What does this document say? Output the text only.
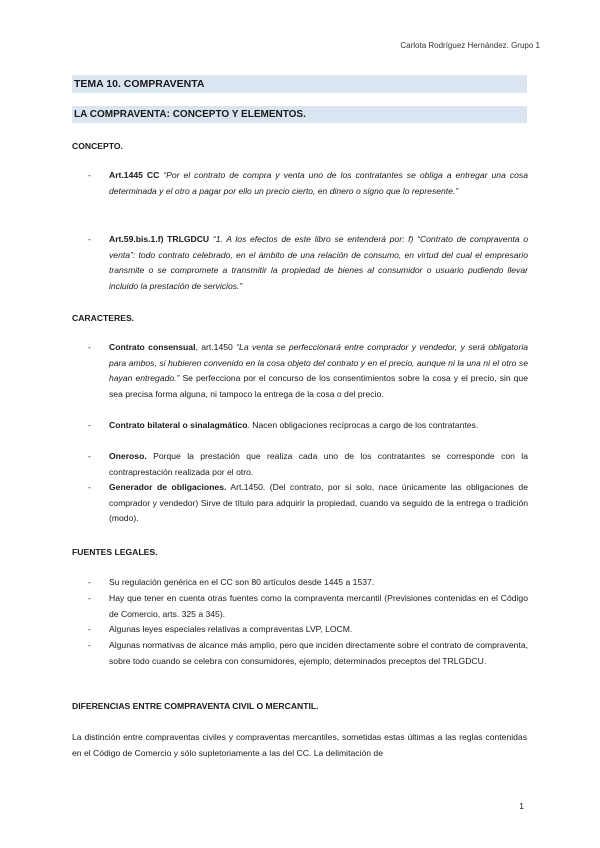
Carlota Rodríguez Hernández. Grupo 1
TEMA 10. COMPRAVENTA
LA COMPRAVENTA: CONCEPTO Y ELEMENTOS.
CONCEPTO.
- Art.1445 CC “Por el contrato de compra y venta uno de los contratantes se obliga a entregar una cosa determinada y el otro a pagar por ello un precio cierto, en dinero o signo que lo represente.”
- Art.59.bis.1.f) TRLGDCU “1. A los efectos de este libro se entenderá por: f) “Contrato de compraventa o venta”: todo contrato celebrado, en el ámbito de una relación de consumo, en virtud del cual el empresario transmite o se compromete a transmitir la propiedad de bienes al consumidor o usuario pudiendo llevar incluido la prestación de servicios.”
CARACTERES.
- Contrato consensual, art.1450 “La venta se perfeccionará entre comprador y vendedor, y será obligatoria para ambos, si hubieren convenido en la cosa objeto del contrato y en el precio, aunque ni la una ni el otro se hayan entregado.” Se perfecciona por el concurso de los consentimientos sobre la cosa y el precio, sin que sea precisa forma alguna, ni tampoco la entrega de la cosa o del precio.
- Contrato bilateral o sinalagmático. Nacen obligaciones recíprocas a cargo de los contratantes.
- Oneroso. Porque la prestación que realiza cada uno de los contratantes se corresponde con la contraprestación realizada por el otro.
- Generador de obligaciones. Art.1450. (Del contrato, por sí solo, nace únicamente las obligaciones de comprador y vendedor) Sirve de título para adquirir la propiedad, cuando va seguido de la entrega o tradición (modo).
FUENTES LEGALES.
- Su regulación genérica en el CC son 80 artículos desde 1445 a 1537.
- Hay que tener en cuenta otras fuentes como la compraventa mercantil (Previsiones contenidas en el Código de Comercio, arts. 325 a 345).
- Algunas leyes especiales relativas a compraventas LVP, LOCM.
- Algunas normativas de alcance más amplio, pero que inciden directamente sobre el contrato de compraventa, sobre todo cuando se celebra con consumidores, ejemplo, determinados preceptos del TRLGDCU.
DIFERENCIAS ENTRE COMPRAVENTA CIVIL O MERCANTIL.
La distinción entre compraventas civiles y compraventas mercantiles, sometidas estas últimas a las reglas contenidas en el Código de Comercio y sólo supletoriamente a las del CC. La delimitación de
1
